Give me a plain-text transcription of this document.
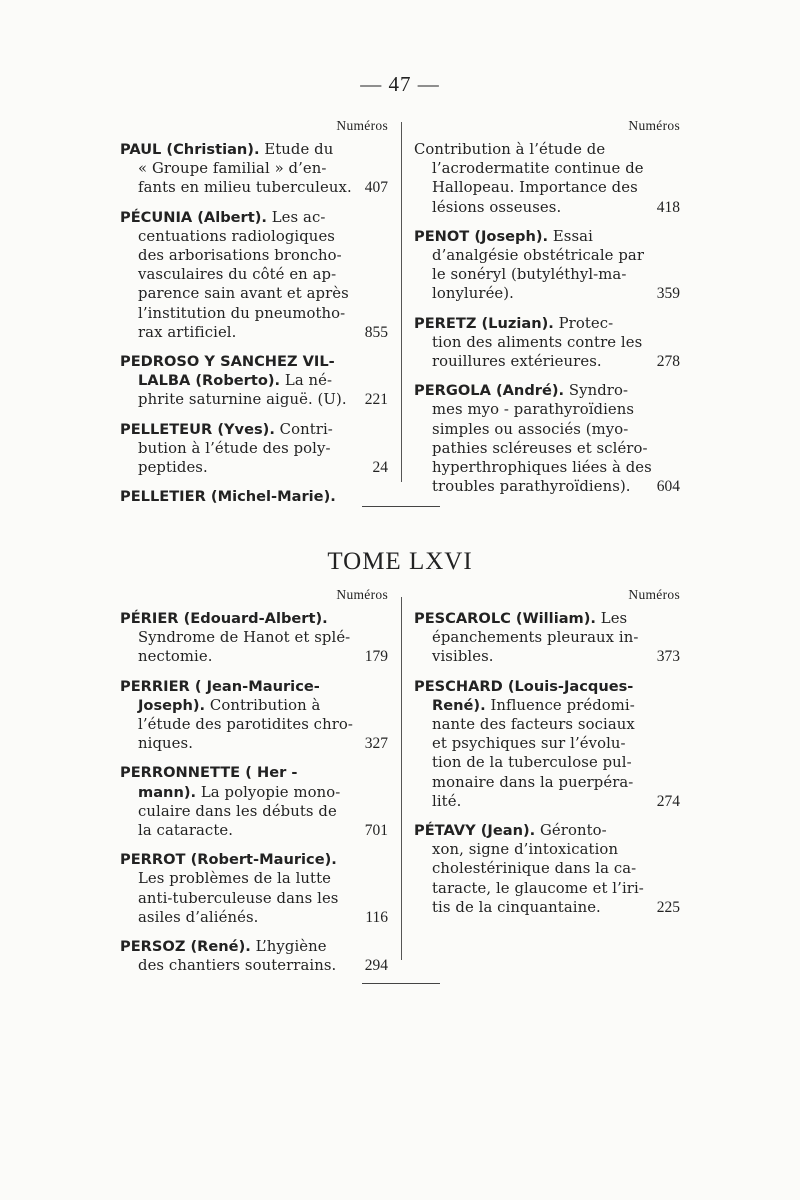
— 47 —
Numéros
PAUL (Christian). Etude du
« Groupe familial » d’en-
fants en milieu tuberculeux. 407
PÉCUNIA (Albert). Les ac-
centuations radiologiques
des arborisations broncho-
vasculaires du côté en ap-
parence sain avant et après
l’institution du pneumotho-
rax artificiel.	855
PEDROSO Y SANCHEZ VIL-
LALBA (Roberto). La né-
phrite saturnine aiguë. (U). 221
PELLETEUR (Yves). Contri-
bution à l’étude des poly-
peptides.	24
PELLETIER (Michel-Marie).
Numéros
Contribution à l’étude de
l’acrodermatite continue de
Hallopeau. Importance des
lésions osseuses.	418
PENOT (Joseph). Essai
d’analgésie obstétricale par
le sonéryl (butyléthyl-ma-
lonylurée).	359
PERETZ (Luzian). Protec-
tion des aliments contre les
rouillures extérieures.	278
PERGOLA (André). Syndro-
mes myo - parathyroïdiens
simples ou associés (myo-
pathies scléreuses et scléro-
hyperthrophiques liées à des
troubles parathyroïdiens). 604
TOME LXVI
Numéros
PÉRIER (Edouard-Albert).
Syndrome de Hanot et splé-
nectomie.	179
PERRIER ( Jean-Maurice-
Joseph). Contribution à
l’étude des parotidites chro-
niques.	327
PERRONNETTE ( Her -
mann). La polyopie mono-
culaire dans les débuts de
la cataracte.	701
PERROT (Robert-Maurice).
Les problèmes de la lutte
anti-tuberculeuse dans les
asiles d’aliénés.	116
PERSOZ (René). L’hygiène
des chantiers souterrains. 294
Numéros
PESCAROLC (William). Les
épanchements pleuraux in-
visibles.	373
PESCHARD (Louis-Jacques-
René). Influence prédomi-
nante des facteurs sociaux
et psychiques sur l’évolu-
tion de la tuberculose pul-
monaire dans la puerpéra-
lité.	274
PÉTAVY (Jean). Géronto-
xon, signe d’intoxication
cholestérinique dans la ca-
taracte, le glaucome et l’iri-
tis de la cinquantaine.	225
